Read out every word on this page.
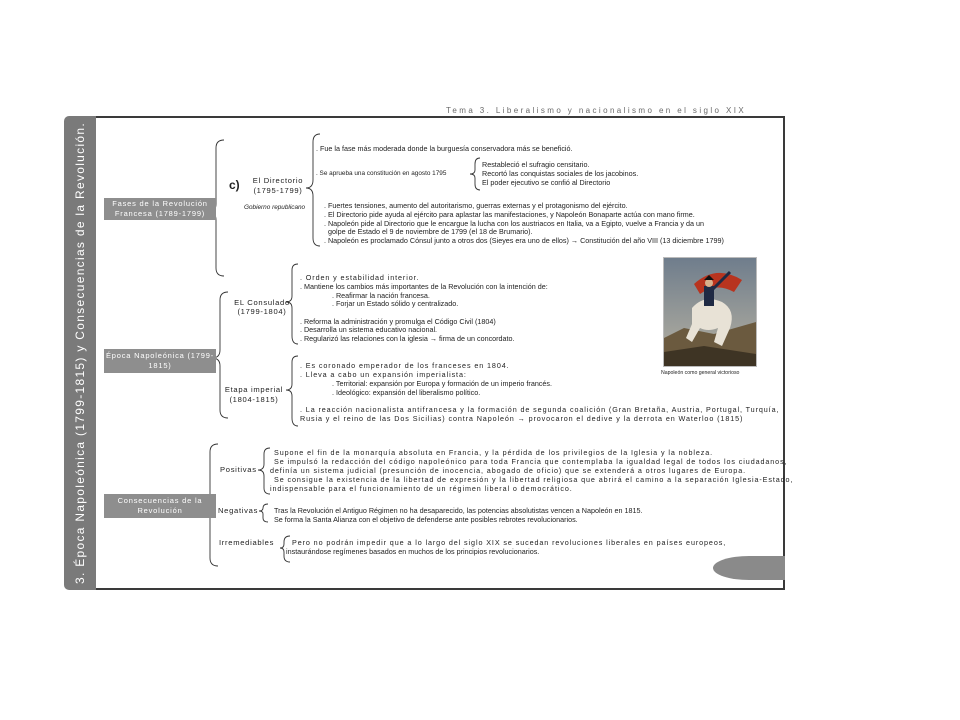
Tema 3. Liberalismo y nacionalismo en el siglo XIX
3. Época Napoleónica (1799-1815) y Consecuencias de la Revolución.	Fases de la Revolución Francesa (1789-1799)
Época Napoleónica (1799-1815)
Consecuencias de la Revolución
c)	El Directorio
(1795-1799)
Gobierno republicano
. Fue la fase más moderada donde la burguesía conservadora más se benefició.
. Se aprueba una constitución en agosto 1795
Restableció el sufragio censitario.
Recortó las conquistas sociales de los jacobinos.
El poder ejecutivo se confió al Directorio
. Fuertes tensiones, aumento del autoritarismo, guerras externas y el protagonismo del ejército.
. El Directorio pide ayuda al ejército para aplastar las manifestaciones, y Napoleón Bonaparte actúa con mano firme.
. Napoleón pide al Directorio que le encargue la lucha con los austriacos en Italia, va a Egipto, vuelve a Francia y da un
golpe de Estado el 9 de noviembre de 1799 (el 18 de Brumario).
. Napoleón es proclamado Cónsul junto a otros dos (Sieyes era uno de ellos) → Constitución del año VIII (13 diciembre 1799)
EL Consulado
(1799-1804)
. Orden y estabilidad interior.
. Mantiene los cambios más importantes de la Revolución con la intención de:
. Reafirmar la nación francesa.
. Forjar un Estado sólido y centralizado.
. Reforma la administración y promulga el Código Civil (1804)
. Desarrolla un sistema educativo nacional.
. Regularizó las relaciones con la iglesia → firma de un concordato.
Etapa imperial
(1804-1815)
. Es coronado emperador de los franceses en 1804.
. Lleva a cabo un expansión imperialista:
. Territorial: expansión por Europa y formación de un imperio francés.
. Ideológico: expansión del liberalismo político.
. La reacción nacionalista antifrancesa y la formación de segunda coalición (Gran Bretaña, Austria, Portugal, Turquía,
Rusia y el reino de las Dos Sicilias) contra Napoleón → provocaron el dedive y la derrota en Waterloo (1815)
Napoleón como general victorioso
Positivas
Supone el fin de la monarquía absoluta en Francia, y la pérdida de los privilegios de la Iglesia y la nobleza.
Se impulsó la redacción del código napoleónico para toda Francia que contemplaba la igualdad legal de todos los ciudadanos,
definía un sistema judicial (presunción de inocencia, abogado de oficio) que se extenderá a otros lugares de Europa.
Se consigue la existencia de la libertad de expresión y la libertad religiosa que abrirá el camino a la separación Iglesia-Estado,
indispensable para el funcionamiento de un régimen liberal o democrático.
Negativas Tras la Revolución el Antiguo Régimen no ha desaparecido, las potencias absolutistas vencen a Napoleón en 1815.
Se forma la Santa Alianza con el objetivo de defenderse ante posibles rebrotes revolucionarios.
Irremediables Pero no podrán impedir que a lo largo del siglo XIX se sucedan revoluciones liberales en países europeos,
instaurándose regímenes basados en muchos de los principios revolucionarios.
